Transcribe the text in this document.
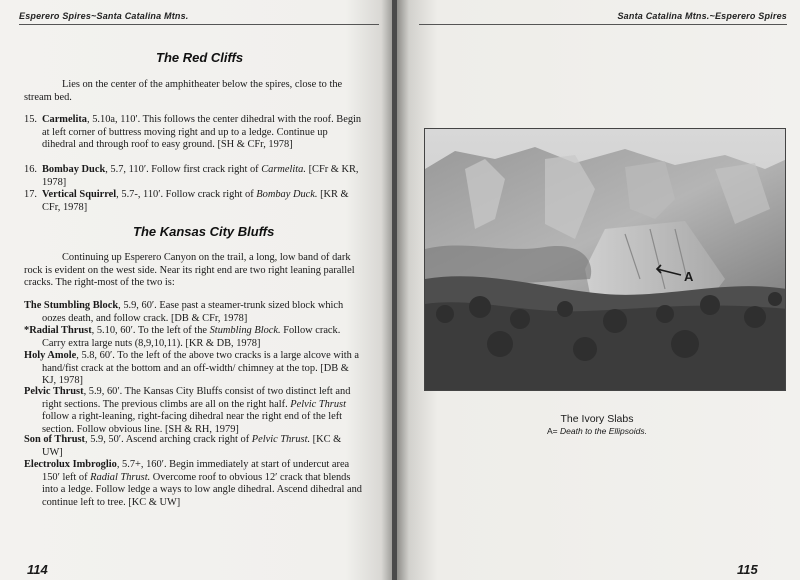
Esperero Spires~Santa Catalina Mtns.
The Red Cliffs
Lies on the center of the amphitheater below the spires, close to the stream bed.
15. Carmelita, 5.10a, 110′. This follows the center dihedral with the roof. Begin at left corner of buttress moving right and up to a ledge. Continue up dihedral and through roof to easy ground. [SH & CFr, 1978]
16. Bombay Duck, 5.7, 110′. Follow first crack right of Carmelita. [CFr & KR, 1978]
17. Vertical Squirrel, 5.7-, 110′. Follow crack right of Bombay Duck. [KR & CFr, 1978]
The Kansas City Bluffs
Continuing up Esperero Canyon on the trail, a long, low band of dark rock is evident on the west side. Near its right end are two right leaning parallel cracks. The right-most of the two is:
The Stumbling Block, 5.9, 60′. Ease past a steamer-trunk sized block which oozes death, and follow crack. [DB & CFr, 1978]
*Radial Thrust, 5.10, 60′. To the left of the Stumbling Block. Follow crack. Carry extra large nuts (8,9,10,11). [KR & DB, 1978]
Holy Amole, 5.8, 60′. To the left of the above two cracks is a large alcove with a hand/fist crack at the bottom and an off-width/ chimney at the top. [DB & KJ, 1978]
Pelvic Thrust, 5.9, 60′. The Kansas City Bluffs consist of two distinct left and right sections. The previous climbs are all on the right half. Pelvic Thrust follow a right-leaning, right-facing dihedral near the right end of the left section. Follow obvious line. [SH & RH, 1979]
Son of Thrust, 5.9, 50′. Ascend arching crack right of Pelvic Thrust. [KC & UW]
Electrolux Imbroglio, 5.7+, 160′. Begin immediately at start of undercut area 150′ left of Radial Thrust. Overcome roof to obvious 12′ crack that blends into a ledge. Follow ledge a ways to low angle dihedral. Ascend dihedral and continue left to tree. [KC & UW]
114
Santa Catalina Mtns.~Esperero Spires
A
The Ivory Slabs
A= Death to the Ellipsoids.
115
